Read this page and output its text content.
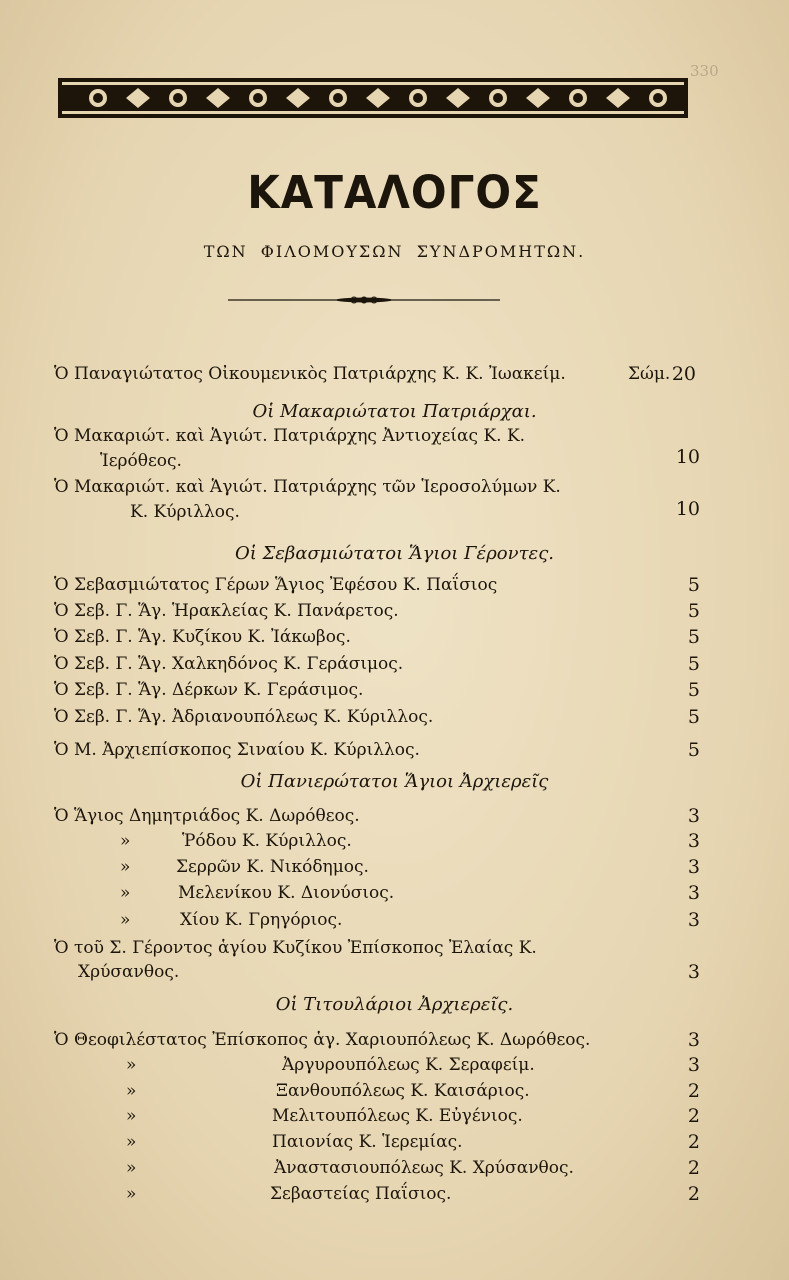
330
ΚΑΤΑΛΟΓΟΣ
ΤΩΝ ΦΙΛΟΜΟΥΣΩΝ ΣΥΝΔΡΟΜΗΤΩΝ.
Ὁ Παναγιώτατος Οἰκουμενικὸς Πατριάρχης Κ. Κ. Ἰωακείμ.	Σώμ. 20
Οἱ Μακαριώτατοι Πατριάρχαι.
Ὁ Μακαριώτ. καὶ Ἁγιώτ. Πατριάρχης Ἀντιοχείας Κ. Κ.
Ἱερόθεος.	10
Ὁ Μακαριώτ. καὶ Ἁγιώτ. Πατριάρχης τῶν Ἱεροσολύμων Κ.
Κ. Κύριλλος.	10
Οἱ Σεβασμιώτατοι Ἅγιοι Γέροντες.
Ὁ Σεβασμιώτατος Γέρων Ἅγιος Ἐφέσου Κ. Παΐσιος	5
Ὁ Σεβ. Γ. Ἅγ. Ἡρακλείας Κ. Πανάρετος.	5
Ὁ Σεβ. Γ. Ἅγ. Κυζίκου Κ. Ἰάκωβος.	5
Ὁ Σεβ. Γ. Ἅγ. Χαλκηδόνος Κ. Γεράσιμος.	5
Ὁ Σεβ. Γ. Ἅγ. Δέρκων Κ. Γεράσιμος.	5
Ὁ Σεβ. Γ. Ἅγ. Ἀδριανουπόλεως Κ. Κύριλλος.	5
Ὁ Μ. Ἀρχιεπίσκοπος Σιναίου Κ. Κύριλλος.	5
Οἱ Πανιερώτατοι Ἅγιοι Ἀρχιερεῖς
Ὁ Ἅγιος Δημητριάδος Κ. Δωρόθεος.	3
»	Ῥόδου Κ. Κύριλλος.	3
»	Σερρῶν Κ. Νικόδημος.	3
»	Μελενίκου Κ. Διονύσιος.	3
»	Χίου Κ. Γρηγόριος.	3
Ὁ τοῦ Σ. Γέροντος ἁγίου Κυζίκου Ἐπίσκοπος Ἐλαίας Κ.
Χρύσανθος.	3
Οἱ Τιτουλάριοι Ἀρχιερεῖς.
Ὁ Θεοφιλέστατος Ἐπίσκοπος ἁγ. Χαριουπόλεως Κ. Δωρόθεος.	3
»	Ἀργυρουπόλεως Κ. Σεραφείμ.	3
»	Ξανθουπόλεως Κ. Καισάριος.	2
»	Μελιτουπόλεως Κ. Εὐγένιος.	2
»	Παιονίας Κ. Ἱερεμίας.	2
»	Ἀναστασιουπόλεως Κ. Χρύσανθος.	2
»	Σεβαστείας Παΐσιος.	2
